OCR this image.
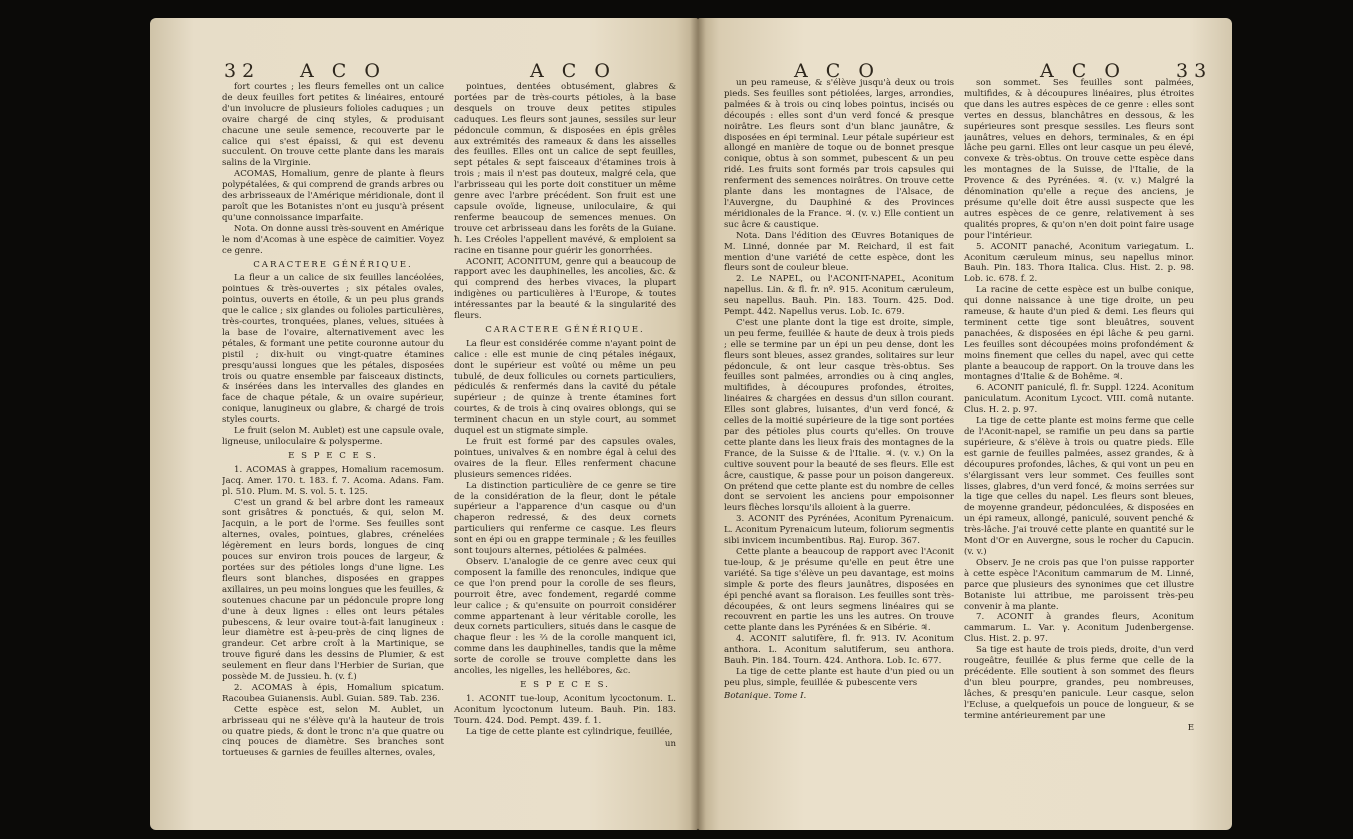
32 A C O	A C O

fort courtes ; les fleurs femelles ont un calice de deux feuilles fort petites & linéaires, entouré d'un involucre de plusieurs folioles caduques ; un ovaire chargé de cinq styles, & produisant chacune une seule semence, recouverte par le calice qui s'est épaissi, & qui est devenu succulent. On trouve cette plante dans les marais salins de la Virginie.

ACOMAS, Homalium, genre de plante à fleurs polypétalées, & qui comprend de grands arbres ou des arbrisseaux de l'Amérique méridionale, dont il paroît que les Botanistes n'ont eu jusqu'à présent qu'une connoissance imparfaite.

Nota. On donne aussi très-souvent en Amérique le nom d'Acomas à une espèce de caimitier. Voyez ce genre.

CARACTERE GÉNÉRIQUE.

La fleur a un calice de six feuilles lancéolées, pointues & très-ouvertes ; six pétales ovales, pointus, ouverts en étoile, & un peu plus grands que le calice ; six glandes ou folioles particulières, très-courtes, tronquées, planes, velues, situées à la base de l'ovaire, alternativement avec les pétales, & formant une petite couronne autour du pistil ; dix-huit ou vingt-quatre étamines presqu'aussi longues que les pétales, disposées trois ou quatre ensemble par faisceaux distincts, & insérées dans les intervalles des glandes en face de chaque pétale, & un ovaire supérieur, conique, lanugineux ou glabre, & chargé de trois styles courts.

Le fruit (selon M. Aublet) est une capsule ovale, ligneuse, uniloculaire & polysperme.

E S P E C E S.

1. ACOMAS à grappes, Homalium racemosum. Jacq. Amer. 170. t. 183. f. 7. Acoma. Adans. Fam. pl. 510. Plum. M. S. vol. 5. t. 125.

C'est un grand & bel arbre dont les rameaux sont grisâtres & ponctués, & qui, selon M. Jacquin, a le port de l'orme. Ses feuilles sont alternes, ovales, pointues, glabres, crénelées légèrement en leurs bords, longues de cinq pouces sur environ trois pouces de largeur, & portées sur des pétioles longs d'une ligne. Les fleurs sont blanches, disposées en grappes axillaires, un peu moins longues que les feuilles, & soutenues chacune par un pédoncule propre long d'une à deux lignes : elles ont leurs pétales pubescens, & leur ovaire tout-à-fait lanugineux : leur diamètre est à-peu-près de cinq lignes de grandeur. Cet arbre croît à la Martinique, se trouve figuré dans les dessins de Plumier, & est seulement en fleur dans l'Herbier de Surian, que possède M. de Jussieu. ħ. (v. f.)

2. ACOMAS à épis, Homalium spicatum. Racoubea Guianensis. Aubl. Guian. 589. Tab. 236.

Cette espèce est, selon M. Aublet, un arbrisseau qui ne s'élève qu'à la hauteur de trois ou quatre pieds, & dont le tronc n'a que quatre ou cinq pouces de diamètre. Ses branches sont tortueuses & garnies de feuilles alternes, ovales,

pointues, dentées obtusément, glabres & portées par de très-courts pétioles, à la base desquels on trouve deux petites stipules caduques. Les fleurs sont jaunes, sessiles sur leur pédoncule commun, & disposées en épis grêles aux extrémités des rameaux & dans les aisselles des feuilles. Elles ont un calice de sept feuilles, sept pétales & sept faisceaux d'étamines trois à trois ; mais il n'est pas douteux, malgré cela, que l'arbrisseau qui les porte doit constituer un même genre avec l'arbre précédent. Son fruit est une capsule ovoïde, ligneuse, uniloculaire, & qui renferme beaucoup de semences menues. On trouve cet arbrisseau dans les forêts de la Guiane. ħ. Les Créoles l'appellent mavévé, & emploient sa racine en tisanne pour guérir les gonorrhées.

ACONIT, ACONITUM, genre qui a beaucoup de rapport avec les dauphinelles, les ancolies, &c. & qui comprend des herbes vivaces, la plupart indigènes ou particulières à l'Europe, & toutes intéressantes par la beauté & la singularité des fleurs.

CARACTERE GÉNÉRIQUE.

La fleur est considérée comme n'ayant point de calice : elle est munie de cinq pétales inégaux, dont le supérieur est voûté ou même un peu tubulé, de deux follicules ou cornets particuliers, pédiculés & renfermés dans la cavité du pétale supérieur ; de quinze à trente étamines fort courtes, & de trois à cinq ovaires oblongs, qui se terminent chacun en un style court, au sommet duquel est un stigmate simple.

Le fruit est formé par des capsules ovales, pointues, univalves & en nombre égal à celui des ovaires de la fleur. Elles renferment chacune plusieurs semences ridées.

La distinction particulière de ce genre se tire de la considération de la fleur, dont le pétale supérieur a l'apparence d'un casque ou d'un chaperon redressé, & des deux cornets particuliers qui renferme ce casque. Les fleurs sont en épi ou en grappe terminale ; & les feuilles sont toujours alternes, pétiolées & palmées.

Observ. L'analogie de ce genre avec ceux qui composent la famille des renoncules, indique que ce que l'on prend pour la corolle de ses fleurs, pourroit être, avec fondement, regardé comme leur calice ; & qu'ensuite on pourroit considérer comme appartenant à leur véritable corolle, les deux cornets particuliers, situés dans le casque de chaque fleur : les ⅔ de la corolle manquent ici, comme dans les dauphinelles, tandis que la même sorte de corolle se trouve complette dans les ancolies, les nigelles, les hellébores, &c.

E S P E C E S.

1. ACONIT tue-loup, Aconitum lycoctonum. L. Aconitum lycoctonum luteum. Bauh. Pin. 183. Tourn. 424. Dod. Pempt. 439. f. 1.

La tige de cette plante est cylindrique, feuillée,

un
A C O	A C O	33

un peu rameuse, & s'élève jusqu'à deux ou trois pieds. Ses feuilles sont pétiolées, larges, arrondies, palmées & à trois ou cinq lobes pointus, incisés ou découpés : elles sont d'un verd foncé & presque noirâtre. Les fleurs sont d'un blanc jaunâtre, & disposées en épi terminal. Leur pétale supérieur est allongé en manière de toque ou de bonnet presque conique, obtus à son sommet, pubescent & un peu ridé. Les fruits sont formés par trois capsules qui renferment des semences noirâtres. On trouve cette plante dans les montagnes de l'Alsace, de l'Auvergne, du Dauphiné & des Provinces méridionales de la France. ♃. (v. v.) Elle contient un suc âcre & caustique.

Nota. Dans l'édition des Œuvres Botaniques de M. Linné, donnée par M. Reichard, il est fait mention d'une variété de cette espèce, dont les fleurs sont de couleur bleue.

2. Le NAPEL, ou l'ACONIT-NAPEL, Aconitum napellus. Lin. & fl. fr. nº. 915. Aconitum cæruleum, seu napellus. Bauh. Pin. 183. Tourn. 425. Dod. Pempt. 442. Napellus verus. Lob. Ic. 679.

C'est une plante dont la tige est droite, simple, un peu ferme, feuillée & haute de deux à trois pieds ; elle se termine par un épi un peu dense, dont les fleurs sont bleues, assez grandes, solitaires sur leur pédoncule, & ont leur casque très-obtus. Ses feuilles sont palmées, arrondies ou à cinq angles, multifides, à découpures profondes, étroites, linéaires & chargées en dessus d'un sillon courant. Elles sont glabres, luisantes, d'un verd foncé, & celles de la moitié supérieure de la tige sont portées par des pétioles plus courts qu'elles. On trouve cette plante dans les lieux frais des montagnes de la France, de la Suisse & de l'Italie. ♃. (v. v.) On la cultive souvent pour la beauté de ses fleurs. Elle est âcre, caustique, & passe pour un poison dangereux. On prétend que cette plante est du nombre de celles dont se servoient les anciens pour empoisonner leurs flèches lorsqu'ils alloient à la guerre.

3. ACONIT des Pyrénées, Aconitum Pyrenaicum. L. Aconitum Pyrenaicum luteum, foliorum segmentis sibi invicem incumbentibus. Raj. Europ. 367.

Cette plante a beaucoup de rapport avec l'Aconit tue-loup, & je présume qu'elle en peut être une variété. Sa tige s'élève un peu davantage, est moins simple & porte des fleurs jaunâtres, disposées en épi penché avant sa floraison. Les feuilles sont très-découpées, & ont leurs segmens linéaires qui se recouvrent en partie les uns les autres. On trouve cette plante dans les Pyrénées & en Sibérie. ♃.

4. ACONIT salutifère, fl. fr. 913. IV. Aconitum anthora. L. Aconitum salutiferum, seu anthora. Bauh. Pin. 184. Tourn. 424. Anthora. Lob. Ic. 677.

La tige de cette plante est haute d'un pied ou un peu plus, simple, feuillée & pubescente vers

Botanique. Tome I.

son sommet. Ses feuilles sont palmées, multifides, & à découpures linéaires, plus étroites que dans les autres espèces de ce genre : elles sont vertes en dessus, blanchâtres en dessous, & les supérieures sont presque sessiles. Les fleurs sont jaunâtres, velues en dehors, terminales, & en épi lâche peu garni. Elles ont leur casque un peu élevé, convexe & très-obtus. On trouve cette espèce dans les montagnes de la Suisse, de l'Italie, de la Provence & des Pyrénées. ♃. (v. v.) Malgré la dénomination qu'elle a reçue des anciens, je présume qu'elle doit être aussi suspecte que les autres espèces de ce genre, relativement à ses qualités propres, & qu'on n'en doit point faire usage pour l'intérieur.

5. ACONIT panaché, Aconitum variegatum. L. Aconitum cæruleum minus, seu napellus minor. Bauh. Pin. 183. Thora Italica. Clus. Hist. 2. p. 98. Lob. ic. 678. f. 2.

La racine de cette espèce est un bulbe conique, qui donne naissance à une tige droite, un peu rameuse, & haute d'un pied & demi. Les fleurs qui terminent cette tige sont bleuâtres, souvent panachées, & disposées en épi lâche & peu garni. Les feuilles sont découpées moins profondément & moins finement que celles du napel, avec qui cette plante a beaucoup de rapport. On la trouve dans les montagnes d'Italie & de Bohême. ♃.

6. ACONIT paniculé, fl. fr. Suppl. 1224. Aconitum paniculatum. Aconitum Lycoct. VIII. comâ nutante. Clus. H. 2. p. 97.

La tige de cette plante est moins ferme que celle de l'Aconit-napel, se ramifie un peu dans sa partie supérieure, & s'élève à trois ou quatre pieds. Elle est garnie de feuilles palmées, assez grandes, & à découpures profondes, lâches, & qui vont un peu en s'élargissant vers leur sommet. Ces feuilles sont lisses, glabres, d'un verd foncé, & moins serrées sur la tige que celles du napel. Les fleurs sont bleues, de moyenne grandeur, pédonculées, & disposées en un épi rameux, allongé, paniculé, souvent penché & très-lâche. J'ai trouvé cette plante en quantité sur le Mont d'Or en Auvergne, sous le rocher du Capucin. (v. v.)

Observ. Je ne crois pas que l'on puisse rapporter à cette espèce l'Aconitum cammarum de M. Linné, parce que plusieurs des synonimes que cet illustre Botaniste lui attribue, me paroissent très-peu convenir à ma plante.

7. ACONIT à grandes fleurs, Aconitum cammarum. L. Var. γ. Aconitum Judenbergense. Clus. Hist. 2. p. 97.

Sa tige est haute de trois pieds, droite, d'un verd rougeâtre, feuillée & plus ferme que celle de la précédente. Elle soutient à son sommet des fleurs d'un bleu pourpre, grandes, peu nombreuses, lâches, & presqu'en panicule. Leur casque, selon l'Ecluse, a quelquefois un pouce de longueur, & se termine antérieurement par une

E
